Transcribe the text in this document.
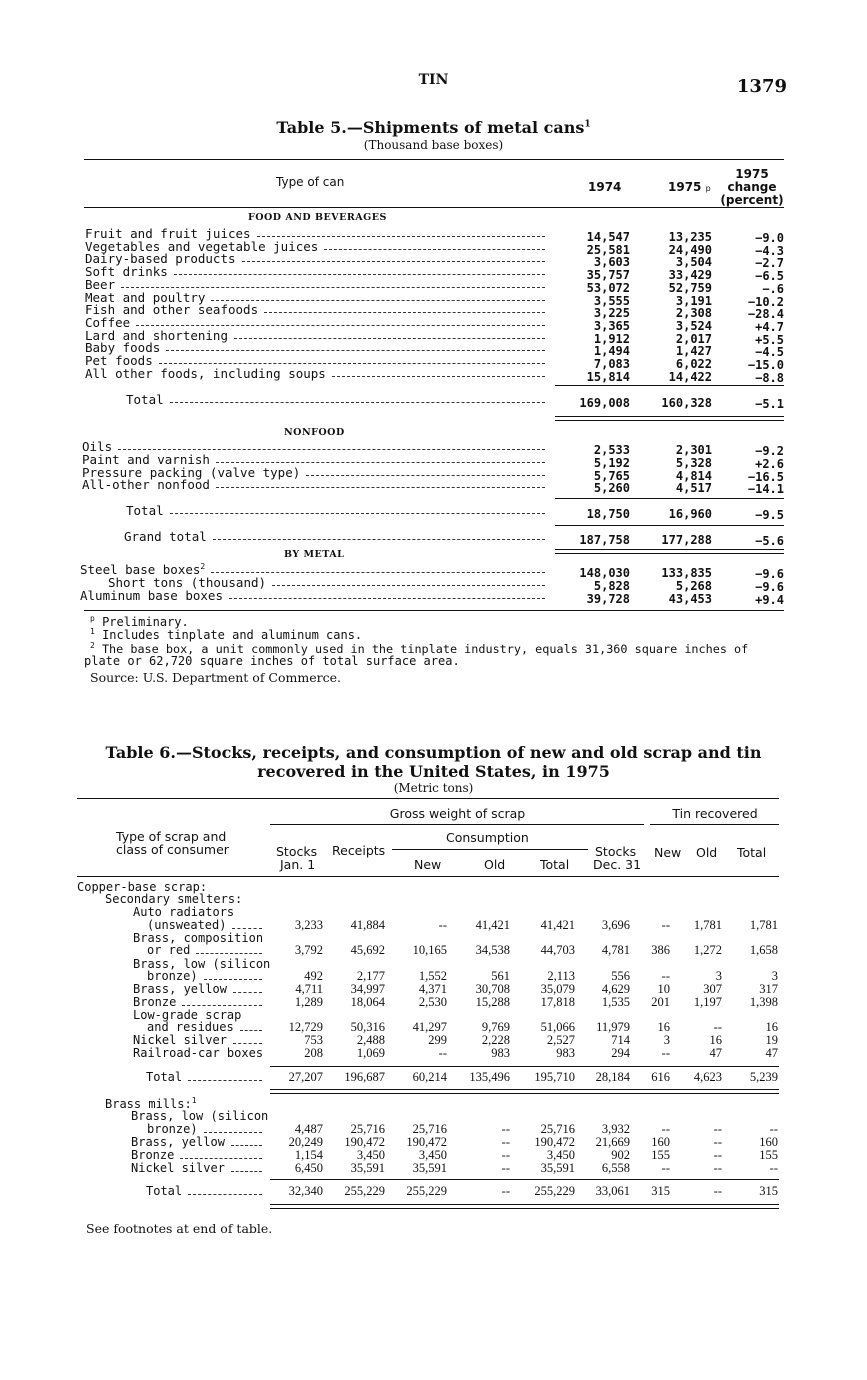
TIN	1379
Table 5.—Shipments of metal cans$^1$
(Thousand base boxes)
Type of can	1974	1975 p
1975
change
(percent)
FOOD AND BEVERAGES
Fruit and fruit juices	14,547	13,235	−9.0
Vegetables and vegetable juices	25,581	24,490	−4.3
Dairy-based products	3,603	3,504	−2.7
Soft drinks	35,757	33,429	−6.5
Beer	53,072	52,759	−.6
Meat and poultry	3,555	3,191	−10.2
Fish and other seafoods	3,225	2,308	−28.4
Coffee	3,365	3,524	+4.7
Lard and shortening	1,912	2,017	+5.5
Baby foods	1,494	1,427	−4.5
Pet foods	7,083	6,022	−15.0
All other foods, including soups	15,814	14,422	−8.8
Total	169,008	160,328	−5.1
NONFOOD
Oils	2,533	2,301	−9.2
Paint and varnish	5,192	5,328	+2.6
Pressure packing (valve type)	5,765	4,814	−16.5
All-other nonfood	5,260	4,517	−14.1
Total	18,750	16,960	−9.5
Grand total	187,758	177,288	−5.6
BY METAL
Steel base boxes$^2$	148,030	133,835	−9.6
Short tons (thousand)	5,828	5,268	−9.6
Aluminum base boxes	39,728	43,453	+9.4
$^p$ Preliminary.
$^1$ Includes tinplate and aluminum cans.
$^2$ The base box, a unit commonly used in the tinplate industry, equals 31,360 square inches of
plate or 62,720 square inches of total surface area.
Source: U.S. Department of Commerce.
Table 6.—Stocks, receipts, and consumption of new and old scrap and tin
recovered in the United States, in 1975
(Metric tons)
Gross weight of scrap	Tin recovered
Type of scrap and
class of consumer	Stocks
Jan. 1
Receipts
Consumption
New	Old	Total
Stocks
Dec. 31
New Old Total
Copper-base scrap:
Secondary smelters:
Auto radiators
(unsweated)	3,233	41,884	--	41,421	41,421	3,696	--	1,781	1,781
Brass, composition
or red	3,792	45,692	10,165	34,538	44,703	4,781	386	1,272	1,658
Brass, low (silicon
bronze)	492	2,177	1,552	561	2,113	556	--	3	3
Brass, yellow	4,711	34,997	4,371	30,708	35,079	4,629	10	307	317
Bronze	1,289	18,064	2,530	15,288	17,818	1,535	201	1,197	1,398
Low-grade scrap
and residues	12,729	50,316	41,297	9,769	51,066	11,979	16	--	16
Nickel silver	753	2,488	299	2,228	2,527	714	3	16	19
Railroad-car boxes	208	1,069	--	983	983	294	--	47	47
Total	27,207	196,687	60,214	135,496	195,710	28,184	616	4,623	5,239
Brass mills:$^1$
Brass, low (silicon
bronze)	4,487	25,716	25,716	--	25,716	3,932	--	--	--
Brass, yellow	20,249	190,472	190,472	--	190,472	21,669	160	--	160
Bronze	1,154	3,450	3,450	--	3,450	902	155	--	155
Nickel silver	6,450	35,591	35,591	--	35,591	6,558	--	--	--
Total	32,340	255,229	255,229	--	255,229	33,061	315	--	315
See footnotes at end of table.
